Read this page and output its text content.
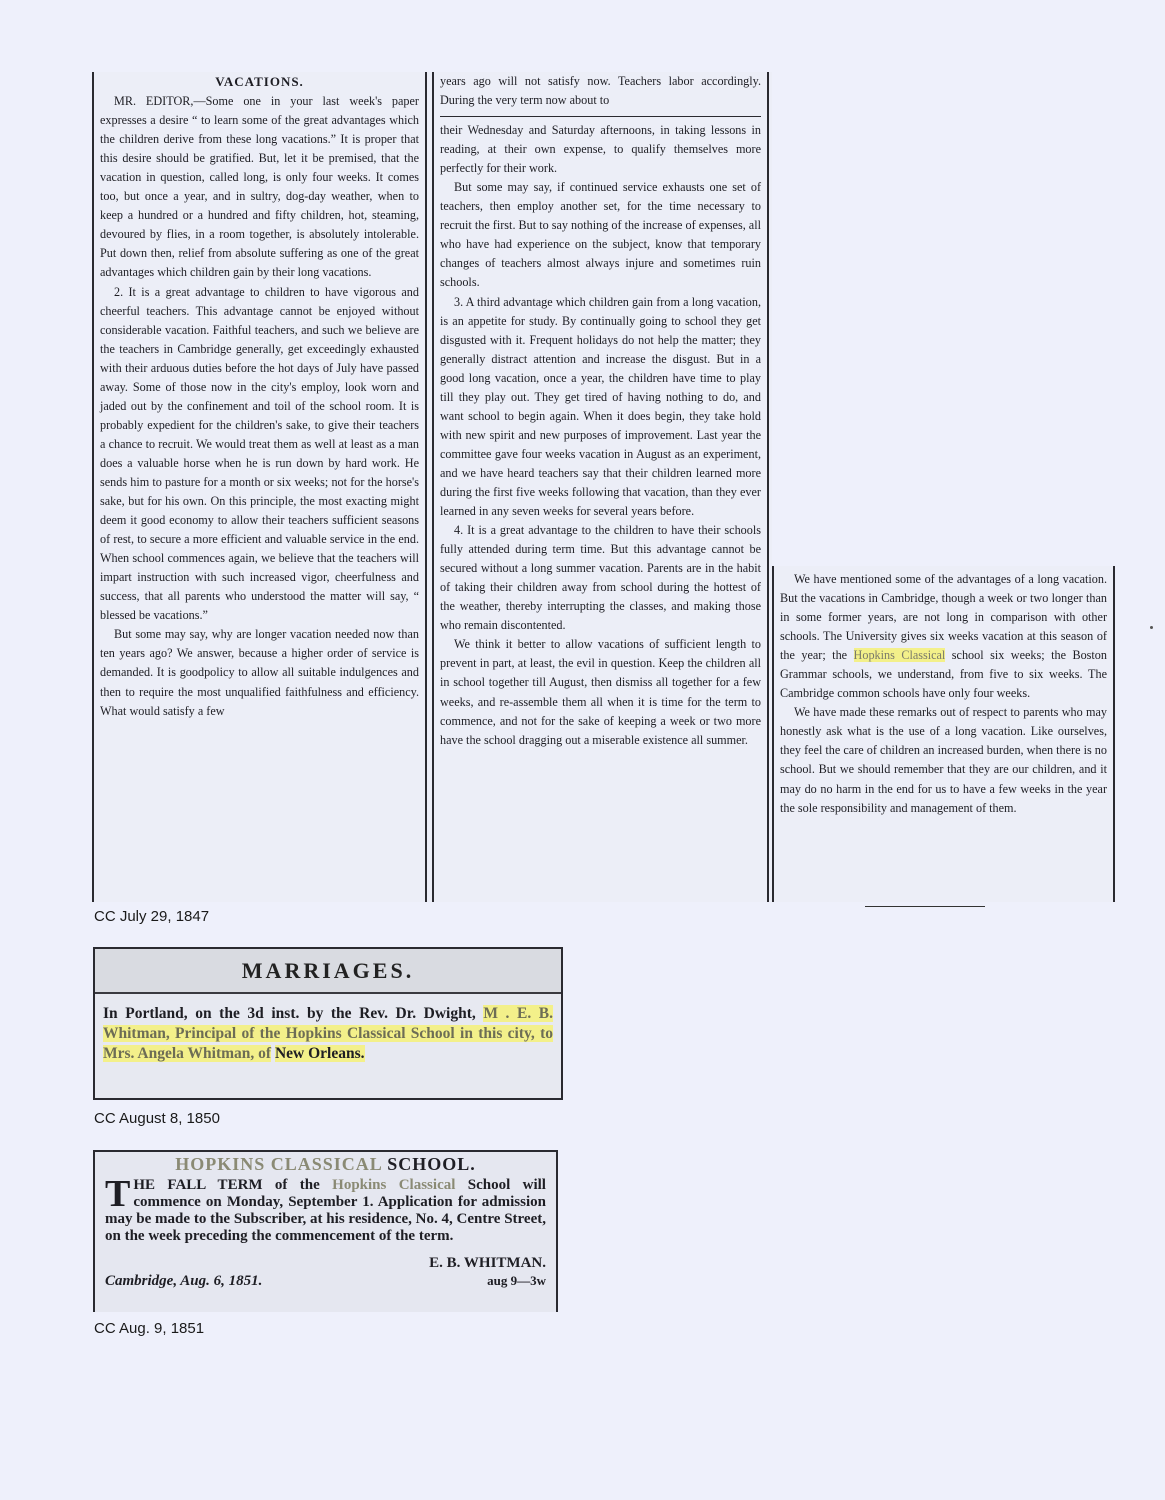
VACATIONS.

MR. EDITOR,—Some one in your last week's paper expresses a desire “ to learn some of the great advantages which the children derive from these long vacations.” It is proper that this desire should be gratified. But, let it be premised, that the vacation in question, called long, is only four weeks. It comes too, but once a year, and in sultry, dog-day weather, when to keep a hundred or a hundred and fifty children, hot, steaming, devoured by flies, in a room together, is absolutely intolerable. Put down then, relief from absolute suffering as one of the great advantages which children gain by their long vacations.

2. It is a great advantage to children to have vigorous and cheerful teachers. This advantage cannot be enjoyed without considerable vacation. Faithful teachers, and such we believe are the teachers in Cambridge generally, get exceedingly exhausted with their arduous duties before the hot days of July have passed away. Some of those now in the city's employ, look worn and jaded out by the confinement and toil of the school room. It is probably expedient for the children's sake, to give their teachers a chance to recruit. We would treat them as well at least as a man does a valuable horse when he is run down by hard work. He sends him to pasture for a month or six weeks; not for the horse's sake, but for his own. On this principle, the most exacting might deem it good economy to allow their teachers sufficient seasons of rest, to secure a more efficient and valuable service in the end. When school commences again, we believe that the teachers will impart instruction with such increased vigor, cheerfulness and success, that all parents who understood the matter will say, “ blessed be vacations.”

But some may say, why are longer vacation needed now than ten years ago? We answer, because a higher order of service is demanded. It is goodpolicy to allow all suitable indulgences and then to require the most unqualified faithfulness and efficiency. What would satisfy a few

years ago will not satisfy now. Teachers labor accordingly. During the very term now about to

their Wednesday and Saturday afternoons, in taking lessons in reading, at their own expense, to qualify themselves more perfectly for their work.

But some may say, if continued service exhausts one set of teachers, then employ another set, for the time necessary to recruit the first. But to say nothing of the increase of expenses, all who have had experience on the subject, know that temporary changes of teachers almost always injure and sometimes ruin schools.

3. A third advantage which children gain from a long vacation, is an appetite for study. By continually going to school they get disgusted with it. Frequent holidays do not help the matter; they generally distract attention and increase the disgust. But in a good long vacation, once a year, the children have time to play till they play out. They get tired of having nothing to do, and want school to begin again. When it does begin, they take hold with new spirit and new purposes of improvement. Last year the committee gave four weeks vacation in August as an experiment, and we have heard teachers say that their children learned more during the first five weeks following that vacation, than they ever learned in any seven weeks for several years before.

4. It is a great advantage to the children to have their schools fully attended during term time. But this advantage cannot be secured without a long summer vacation. Parents are in the habit of taking their children away from school during the hottest of the weather, thereby interrupting the classes, and making those who remain discontented.

We think it better to allow vacations of sufficient length to prevent in part, at least, the evil in question. Keep the children all in school together till August, then dismiss all together for a few weeks, and re-assemble them all when it is time for the term to commence, and not for the sake of keeping a week or two more have the school dragging out a miserable existence all summer.

We have mentioned some of the advantages of a long vacation. But the vacations in Cambridge, though a week or two longer than in some former years, are not long in comparison with other schools. The University gives six weeks vacation at this season of the year; the Hopkins Classical school six weeks; the Boston Grammar schools, we understand, from five to six weeks. The Cambridge common schools have only four weeks.

We have made these remarks out of respect to parents who may honestly ask what is the use of a long vacation. Like ourselves, they feel the care of children an increased burden, when there is no school. But we should remember that they are our children, and it may do no harm in the end for us to have a few weeks in the year the sole responsibility and management of them.

CC July 29, 1847
MARRIAGES.
In Portland, on the 3d inst. by the Rev. Dr. Dwight, M . E. B. Whitman, Principal of the Hopkins Classical School in this city, to Mrs. Angela Whitman, of New Orleans.
CC August 8, 1850
HOPKINS CLASSICAL SCHOOL.
THE FALL TERM of the Hopkins Classical School will commence on Monday, September 1. Application for admission may be made to the Subscriber, at his residence, No. 4, Centre Street, on the week preceding the commencement of the term.
Cambridge, Aug. 6, 1851.
E. B. WHITMAN.
aug 9—3w
CC Aug. 9, 1851
